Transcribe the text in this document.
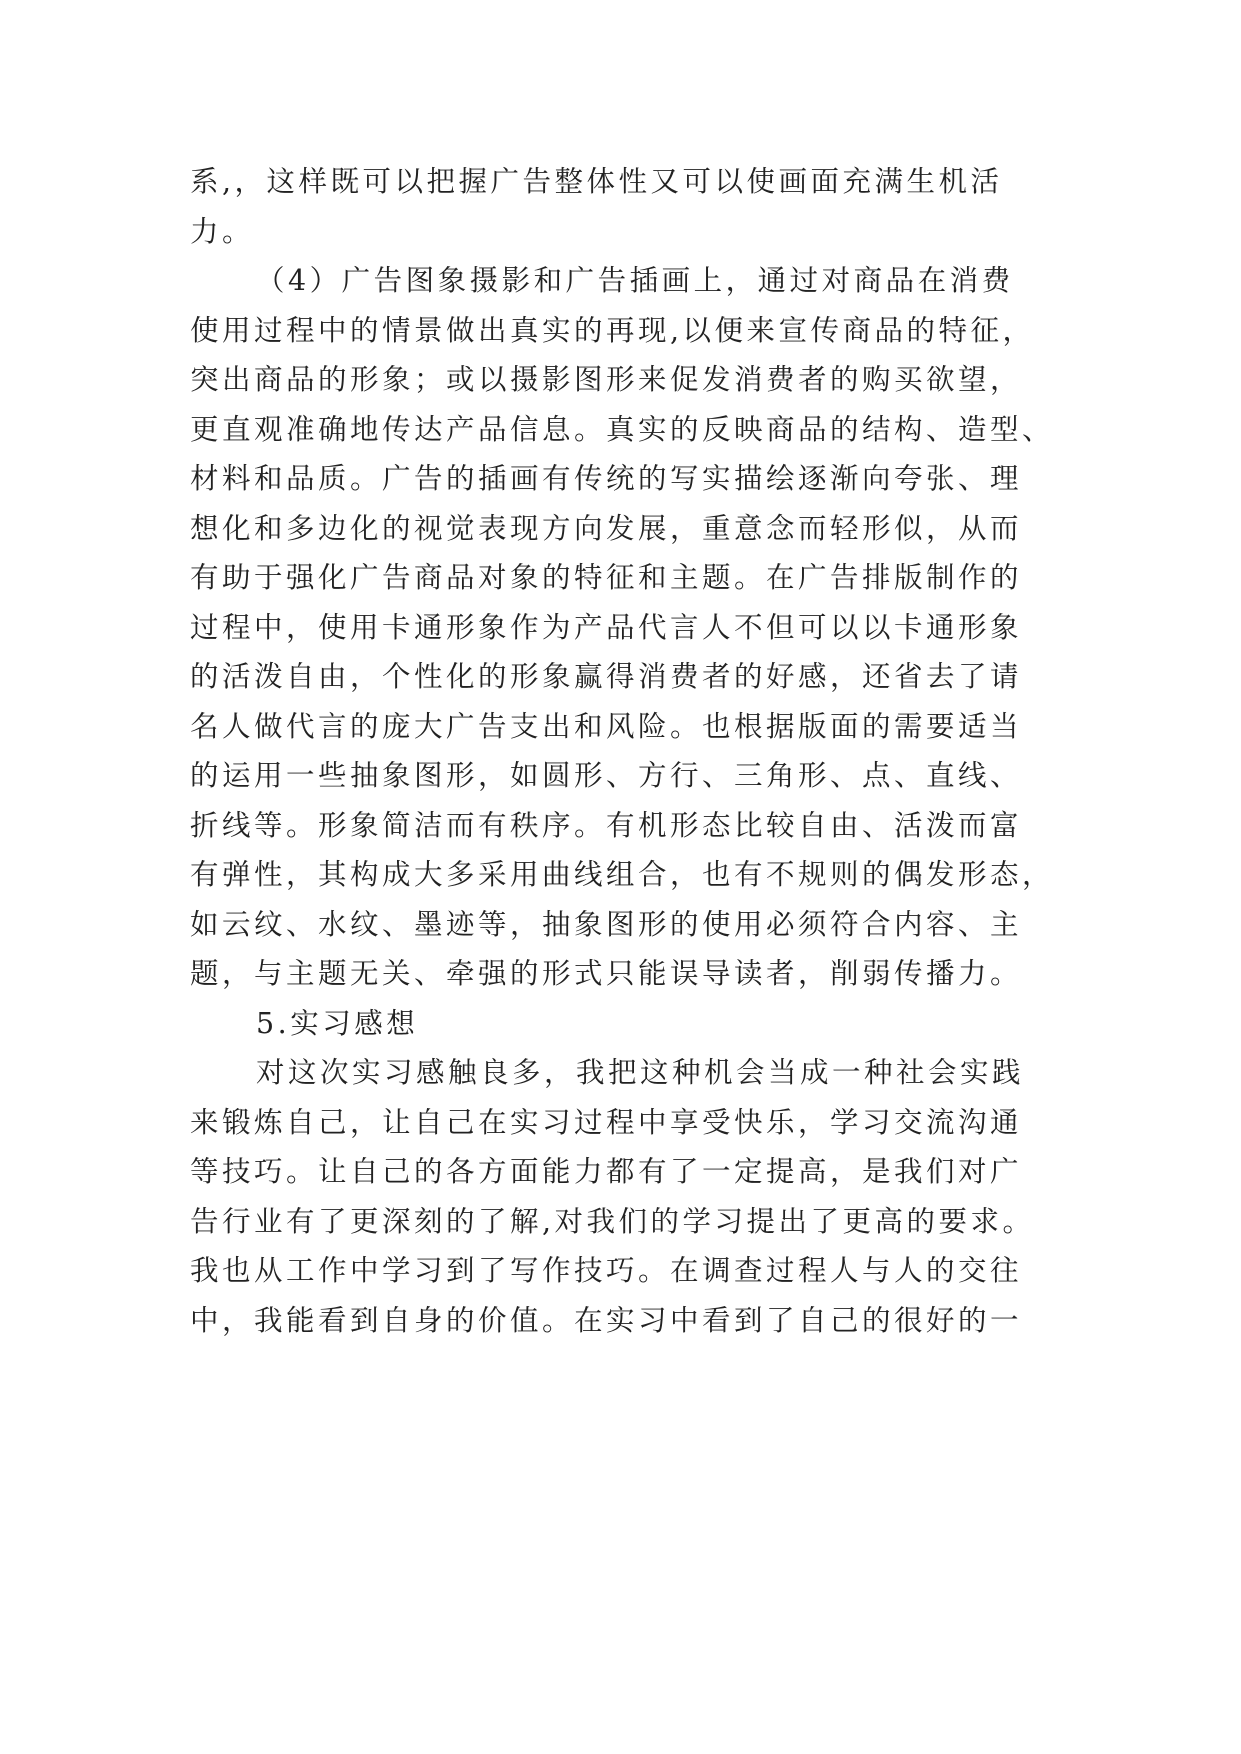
系,，这样既可以把握广告整体性又可以使画面充满生机活
力。
（4）广告图象摄影和广告插画上，通过对商品在消费
使用过程中的情景做出真实的再现,以便来宣传商品的特征，
突出商品的形象；或以摄影图形来促发消费者的购买欲望，
更直观准确地传达产品信息。真实的反映商品的结构、造型、
材料和品质。广告的插画有传统的写实描绘逐渐向夸张、理
想化和多边化的视觉表现方向发展，重意念而轻形似，从而
有助于强化广告商品对象的特征和主题。在广告排版制作的
过程中，使用卡通形象作为产品代言人不但可以以卡通形象
的活泼自由，个性化的形象赢得消费者的好感，还省去了请
名人做代言的庞大广告支出和风险。也根据版面的需要适当
的运用一些抽象图形，如圆形、方行、三角形、点、直线、
折线等。形象简洁而有秩序。有机形态比较自由、活泼而富
有弹性，其构成大多采用曲线组合，也有不规则的偶发形态，
如云纹、水纹、墨迹等，抽象图形的使用必须符合内容、主
题，与主题无关、牵强的形式只能误导读者，削弱传播力。
5.实习感想
对这次实习感触良多，我把这种机会当成一种社会实践
来锻炼自己，让自己在实习过程中享受快乐，学习交流沟通
等技巧。让自己的各方面能力都有了一定提高，是我们对广
告行业有了更深刻的了解,对我们的学习提出了更高的要求。
我也从工作中学习到了写作技巧。在调查过程人与人的交往
中，我能看到自身的价值。在实习中看到了自己的很好的一
